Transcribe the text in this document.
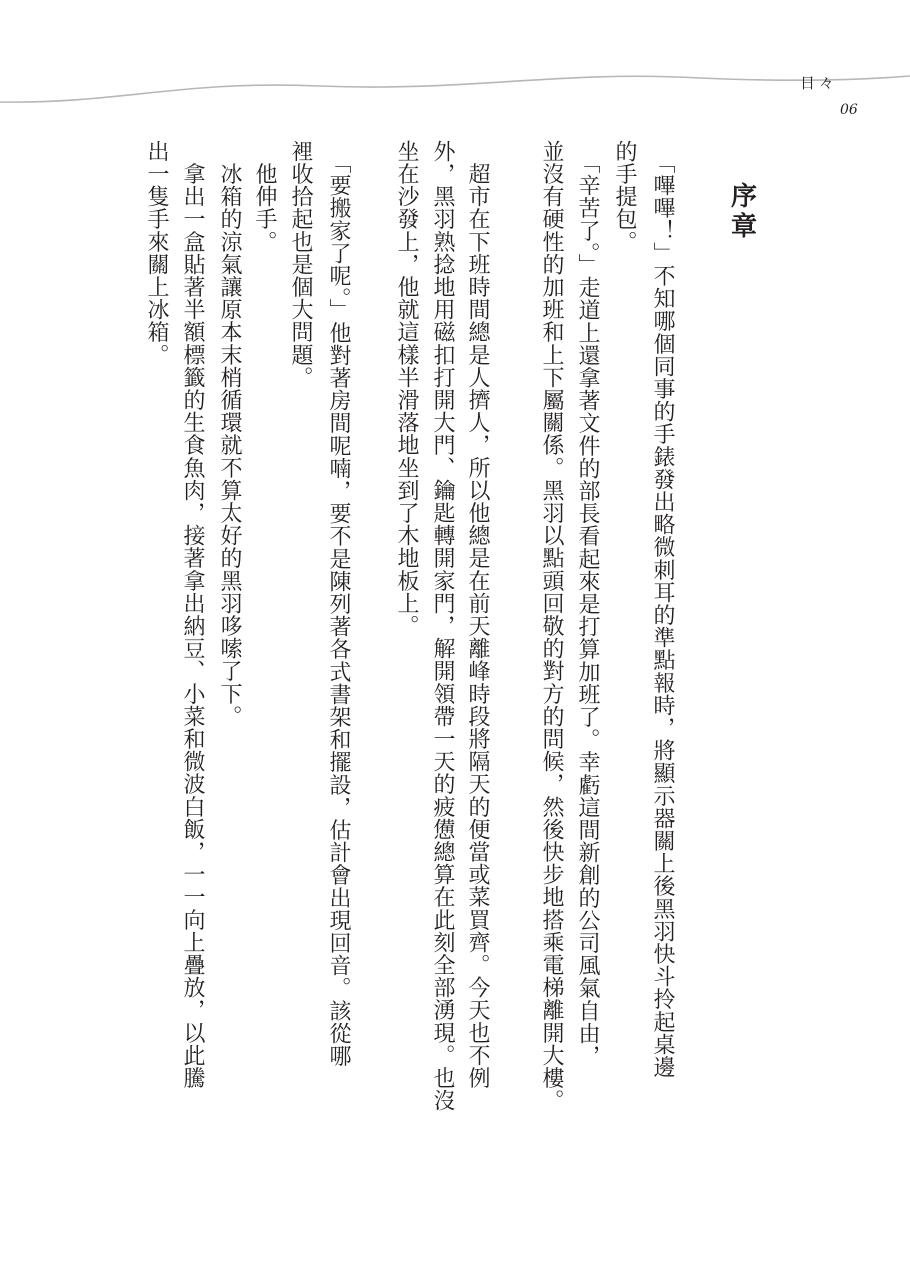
日々
06
序
章
　「嗶嗶！」不知哪個同事的手錶發出略微刺耳的準點報時，將顯示器關上後黑羽快斗拎起桌邊
的手提包。
　「辛苦了。」走道上還拿著文件的部長看起來是打算加班了。幸虧這間新創的公司風氣自由，
並沒有硬性的加班和上下屬關係。黑羽以點頭回敬的對方的問候，然後快步地搭乘電梯離開大樓。
　超市在下班時間總是人擠人，所以他總是在前天離峰時段將隔天的便當或菜買齊。今天也不例
外，黑羽熟捻地用磁扣打開大門、鑰匙轉開家門，解開領帶一天的疲憊總算在此刻全部湧現。也沒
坐在沙發上，他就這樣半滑落地坐到了木地板上。
　「要搬家了呢。」他對著房間呢喃，要不是陳列著各式書架和擺設，估計會出現回音。該從哪
裡收拾起也是個大問題。
　他伸手。
　冰箱的涼氣讓原本末梢循環就不算太好的黑羽哆嗦了下。
　拿出一盒貼著半額標籤的生食魚肉，接著拿出納豆、小菜和微波白飯，一一向上疊放，以此騰
出一隻手來關上冰箱。
